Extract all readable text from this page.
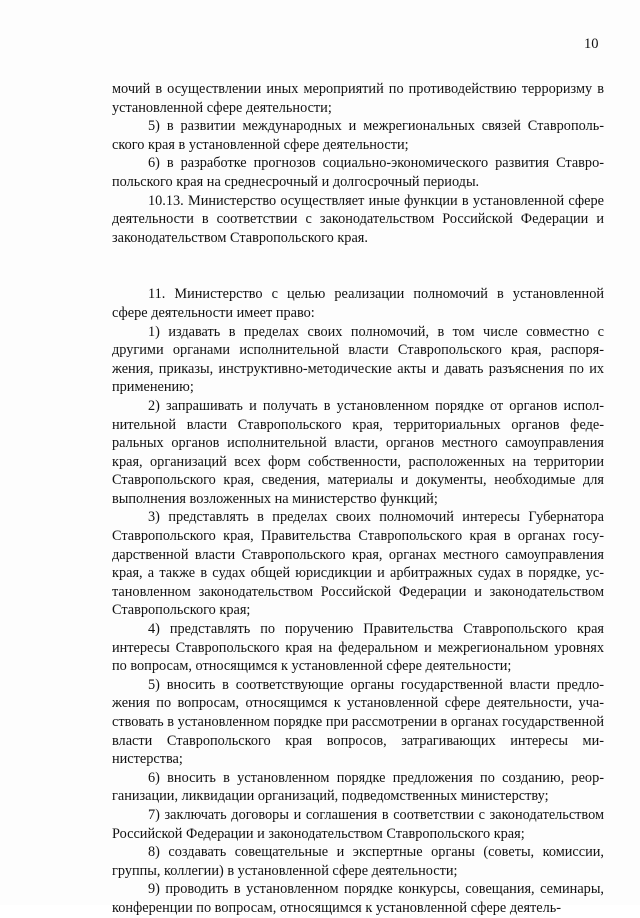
10

мочий в осуществлении иных мероприятий по противодействию терроризму в установленной сфере деятельности;

5) в развитии международных и межрегиональных связей Ставропольского края в установленной сфере деятельности;

6) в разработке прогнозов социально-экономического развития Ставропольского края на среднесрочный и долгосрочный периоды.

10.13. Министерство осуществляет иные функции в установленной сфере деятельности в соответствии с законодательством Российской Федерации и законодательством Ставропольского края.

11. Министерство с целью реализации полномочий в установленной сфере деятельности имеет право:

1) издавать в пределах своих полномочий, в том числе совместно с другими органами исполнительной власти Ставропольского края, распоряжения, приказы, инструктивно-методические акты и давать разъяснения по их применению;

2) запрашивать и получать в установленном порядке от органов исполнительной власти Ставропольского края, территориальных органов федеральных органов исполнительной власти, органов местного самоуправления края, организаций всех форм собственности, расположенных на территории Ставропольского края, сведения, материалы и документы, необходимые для выполнения возложенных на министерство функций;

3) представлять в пределах своих полномочий интересы Губернатора Ставропольского края, Правительства Ставропольского края в органах государственной власти Ставропольского края, органах местного самоуправления края, а также в судах общей юрисдикции и арбитражных судах в порядке, установленном законодательством Российской Федерации и законодательством Ставропольского края;

4) представлять по поручению Правительства Ставропольского края интересы Ставропольского края на федеральном и межрегиональном уровнях по вопросам, относящимся к установленной сфере деятельности;

5) вносить в соответствующие органы государственной власти предложения по вопросам, относящимся к установленной сфере деятельности, участвовать в установленном порядке при рассмотрении в органах государственной власти Ставропольского края вопросов, затрагивающих интересы министерства;

6) вносить в установленном порядке предложения по созданию, реорганизации, ликвидации организаций, подведомственных министерству;

7) заключать договоры и соглашения в соответствии с законодательством Российской Федерации и законодательством Ставропольского края;

8) создавать совещательные и экспертные органы (советы, комиссии, группы, коллегии) в установленной сфере деятельности;

9) проводить в установленном порядке конкурсы, совещания, семинары, конференции по вопросам, относящимся к установленной сфере деятель-
